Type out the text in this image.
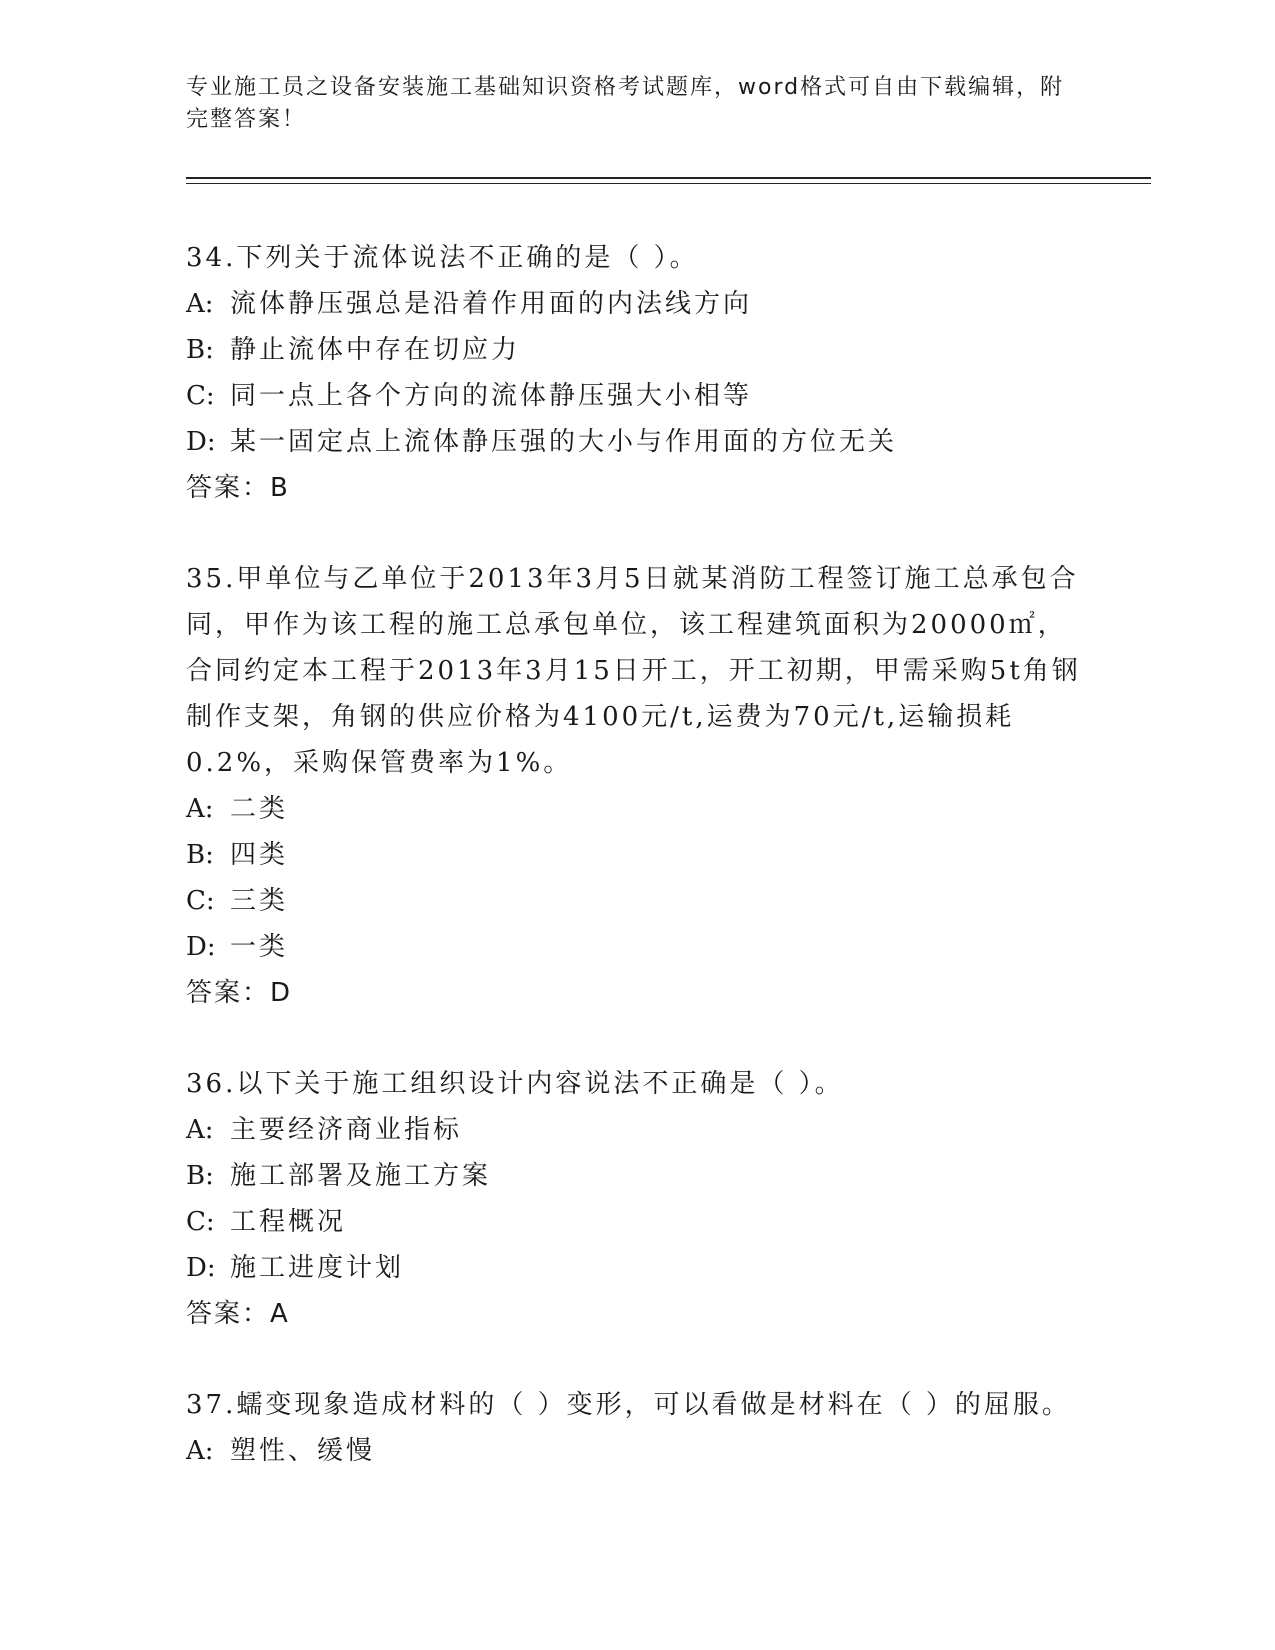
专业施工员之设备安装施工基础知识资格考试题库，word格式可自由下载编辑，附完整答案！
34.下列关于流体说法不正确的是（ ）。
A: 流体静压强总是沿着作用面的内法线方向
B: 静止流体中存在切应力
C: 同一点上各个方向的流体静压强大小相等
D: 某一固定点上流体静压强的大小与作用面的方位无关
答案：B
35.甲单位与乙单位于2013年3月5日就某消防工程签订施工总承包合同，甲作为该工程的施工总承包单位，该工程建筑面积为20000㎡，合同约定本工程于2013年3月15日开工，开工初期，甲需采购5t角钢制作支架，角钢的供应价格为4100元/t,运费为70元/t,运输损耗0.2%，采购保管费率为1%。
A: 二类
B: 四类
C: 三类
D: 一类
答案：D
36.以下关于施工组织设计内容说法不正确是（ ）。
A: 主要经济商业指标
B: 施工部署及施工方案
C: 工程概况
D: 施工进度计划
答案：A
37.蠕变现象造成材料的（ ）变形，可以看做是材料在（ ）的屈服。
A: 塑性、缓慢
